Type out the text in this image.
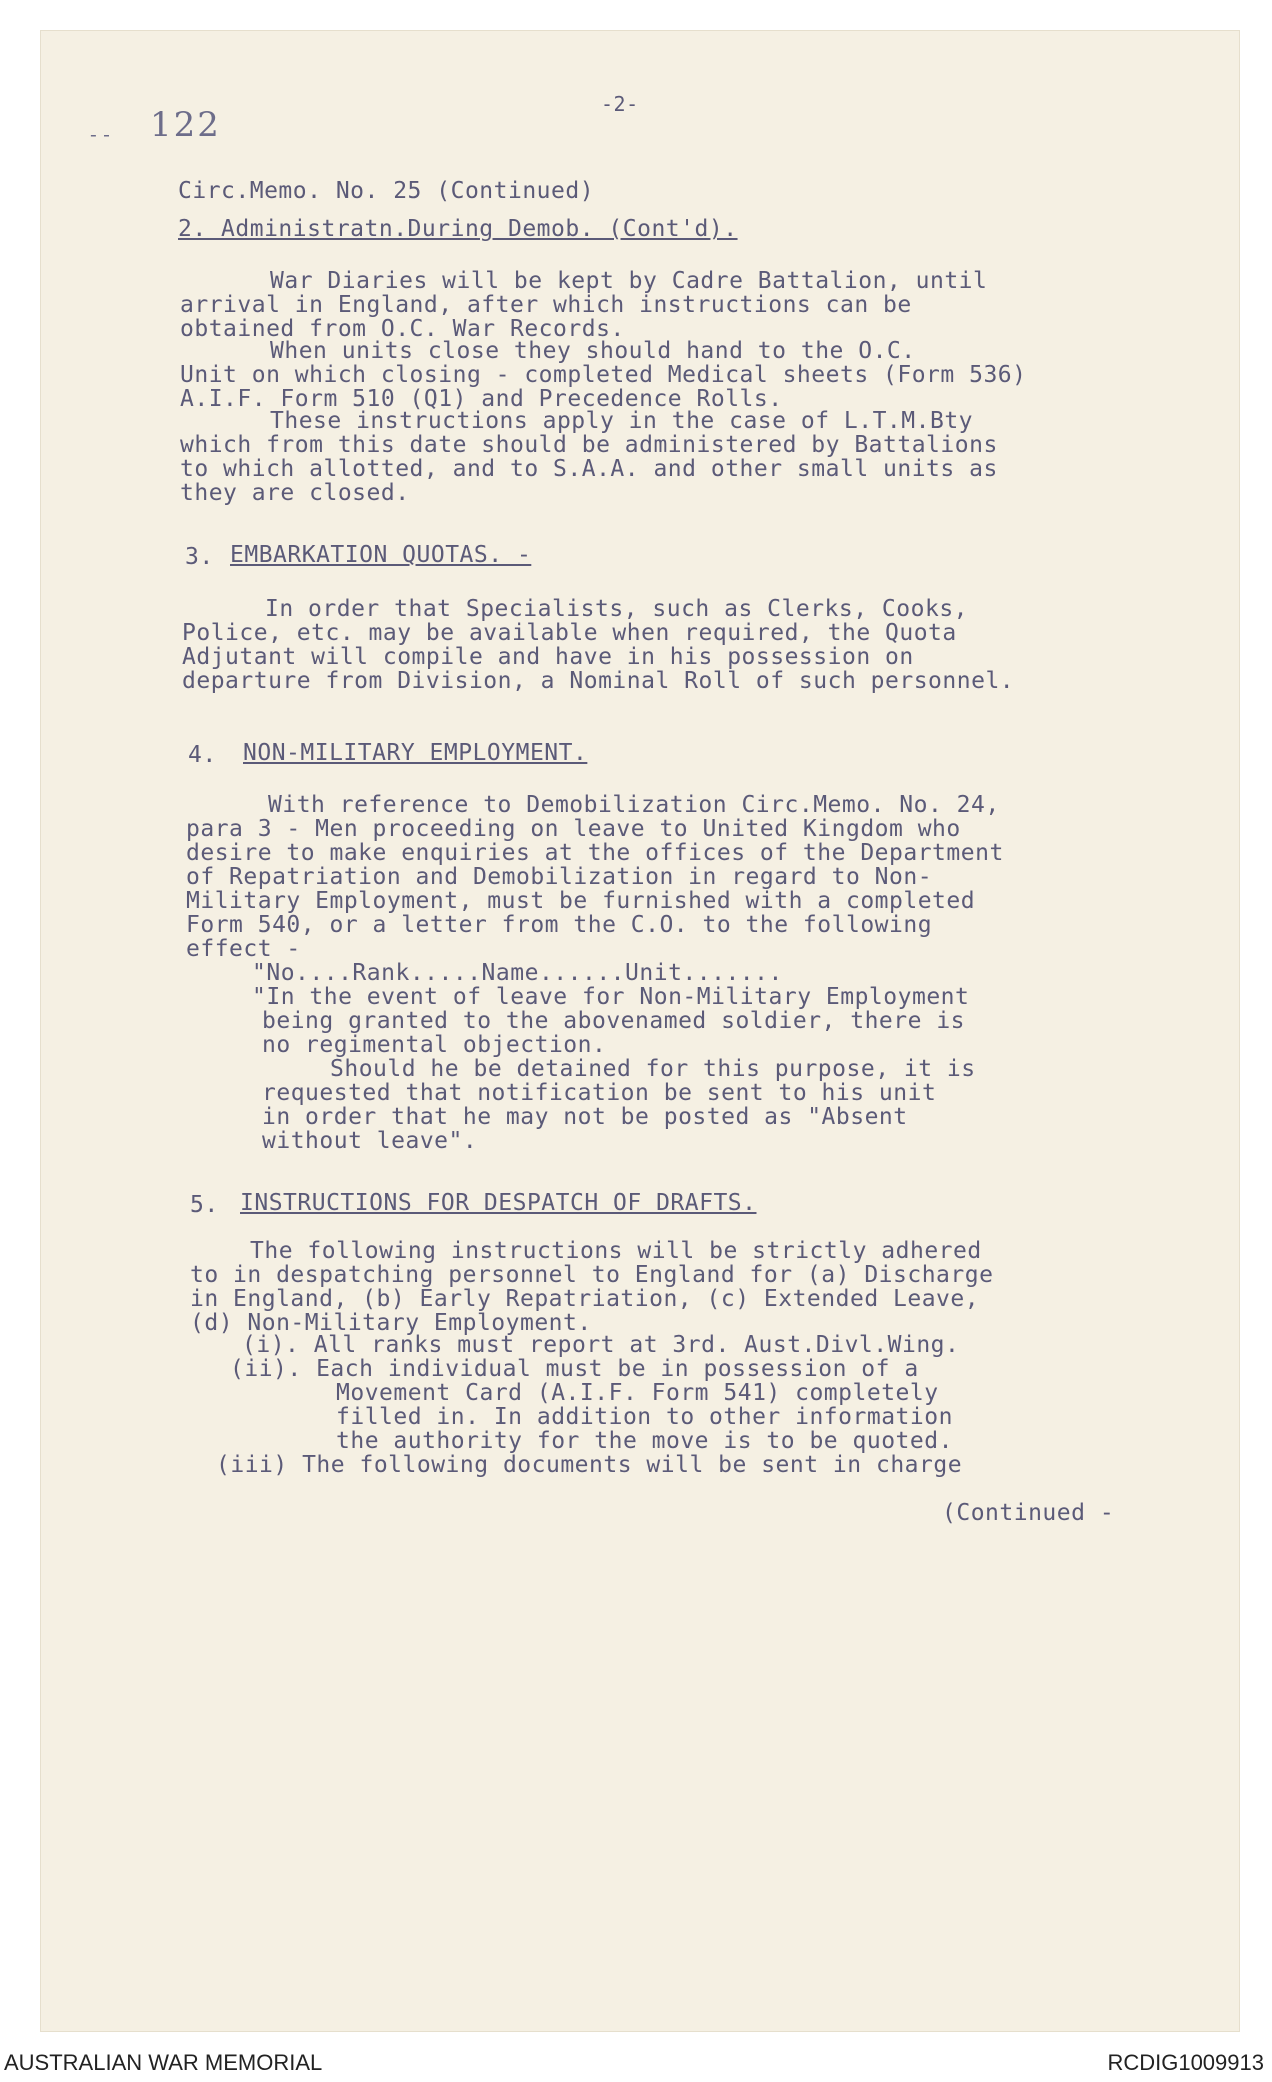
122
- -
-2-
Circ.Memo. No. 25 (Continued)
2. Administratn.During Demob. (Cont'd).
War Diaries will be kept by Cadre Battalion, until
arrival in England, after which instructions can be
obtained from O.C. War Records.
When units close they should hand to the O.C.
Unit on which closing - completed Medical sheets (Form 536)
A.I.F. Form 510 (Q1) and Precedence Rolls.
These instructions apply in the case of L.T.M.Bty
which from this date should be administered by Battalions
to which allotted, and to S.A.A. and other small units as
they are closed.
3. EMBARKATION QUOTAS. -
In order that Specialists, such as Clerks, Cooks,
Police, etc. may be available when required, the Quota
Adjutant will compile and have in his possession on
departure from Division, a Nominal Roll of such personnel.
4. NON-MILITARY EMPLOYMENT.
With reference to Demobilization Circ.Memo. No. 24,
para 3 - Men proceeding on leave to United Kingdom who
desire to make enquiries at the offices of the Department
of Repatriation and Demobilization in regard to Non-
Military Employment, must be furnished with a completed
Form 540, or a letter from the C.O. to the following
effect -
"No....Rank.....Name......Unit.......
"In the event of leave for Non-Military Employment
being granted to the abovenamed soldier, there is
no regimental objection.
Should he be detained for this purpose, it is
requested that notification be sent to his unit
in order that he may not be posted as "Absent
without leave".
5. INSTRUCTIONS FOR DESPATCH OF DRAFTS.
The following instructions will be strictly adhered
to in despatching personnel to England for (a) Discharge
in England, (b) Early Repatriation, (c) Extended Leave,
(d) Non-Military Employment.
(i). All ranks must report at 3rd. Aust.Divl.Wing.
(ii). Each individual must be in possession of a
Movement Card (A.I.F. Form 541) completely
filled in. In addition to other information
the authority for the move is to be quoted.
(iii) The following documents will be sent in charge
(Continued -
AUSTRALIAN WAR MEMORIAL	RCDIG1009913
